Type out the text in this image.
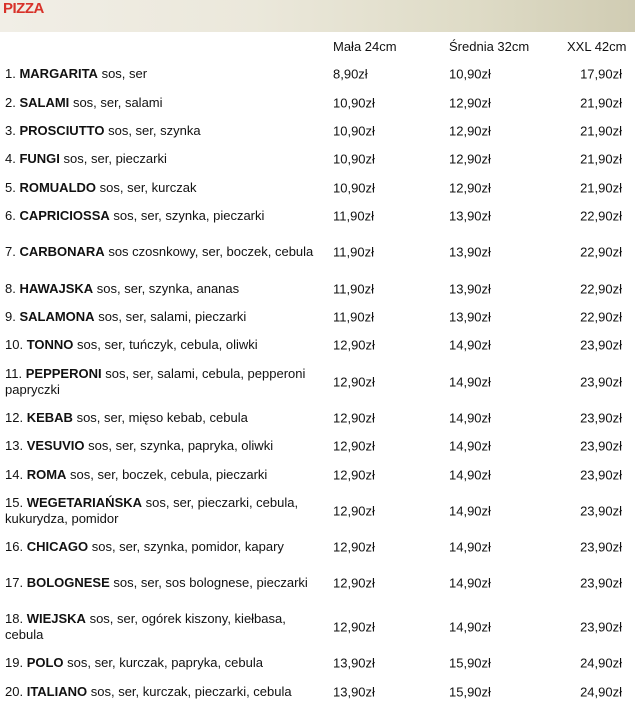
PIZZA
Mała 24cm	Średnia 32cm	XXL 42cm
1. MARGARITA sos, ser	8,90zł	10,90zł	17,90zł
2. SALAMI sos, ser, salami	10,90zł	12,90zł	21,90zł
3. PROSCIUTTO sos, ser, szynka	10,90zł	12,90zł	21,90zł
4. FUNGI sos, ser, pieczarki	10,90zł	12,90zł	21,90zł
5. ROMUALDO sos, ser, kurczak	10,90zł	12,90zł	21,90zł
6. CAPRICIOSSA sos, ser, szynka, pieczarki	11,90zł	13,90zł	22,90zł
7. CARBONARA sos czosnkowy, ser, boczek, cebula	11,90zł	13,90zł	22,90zł
8. HAWAJSKA sos, ser, szynka, ananas	11,90zł	13,90zł	22,90zł
9. SALAMONA sos, ser, salami, pieczarki	11,90zł	13,90zł	22,90zł
10. TONNO sos, ser, tuńczyk, cebula, oliwki	12,90zł	14,90zł	23,90zł
11. PEPPERONI sos, ser, salami, cebula, pepperoni papryczki	12,90zł	14,90zł	23,90zł
12. KEBAB sos, ser, mięso kebab, cebula	12,90zł	14,90zł	23,90zł
13. VESUVIO sos, ser, szynka, papryka, oliwki	12,90zł	14,90zł	23,90zł
14. ROMA sos, ser, boczek, cebula, pieczarki	12,90zł	14,90zł	23,90zł
15. WEGETARIAŃSKA sos, ser, pieczarki, cebula, kukurydza, pomidor	12,90zł	14,90zł	23,90zł
16. CHICAGO sos, ser, szynka, pomidor, kapary	12,90zł	14,90zł	23,90zł
17. BOLOGNESE sos, ser, sos bolognese, pieczarki	12,90zł	14,90zł	23,90zł
18. WIEJSKA sos, ser, ogórek kiszony, kiełbasa, cebula	12,90zł	14,90zł	23,90zł
19. POLO sos, ser, kurczak, papryka, cebula	13,90zł	15,90zł	24,90zł
20. ITALIANO sos, ser, kurczak, pieczarki, cebula	13,90zł	15,90zł	24,90zł
